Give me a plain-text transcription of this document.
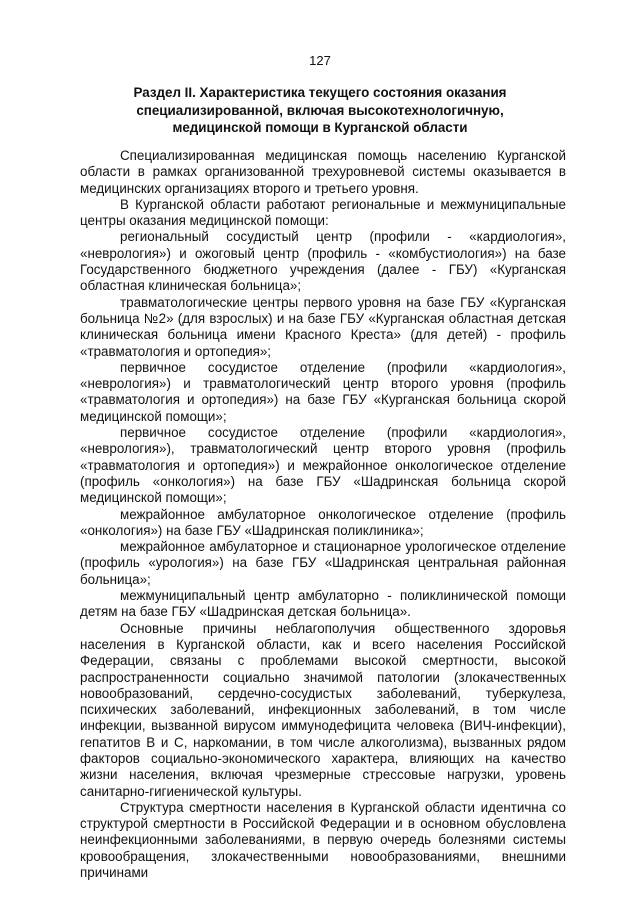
127
Раздел II. Характеристика текущего состояния оказания
специализированной, включая высокотехнологичную,
медицинской помощи в Курганской области

Специализированная медицинская помощь населению Курганской области в рамках организованной трехуровневой системы оказывается в медицинских организациях второго и третьего уровня.

В Курганской области работают региональные и межмуниципальные центры оказания медицинской помощи:

региональный сосудистый центр (профили - «кардиология», «неврология») и ожоговый центр (профиль - «комбустиология») на базе Государственного бюджетного учреждения (далее - ГБУ) «Курганская областная клиническая больница»;

травматологические центры первого уровня на базе ГБУ «Курганская больница №2» (для взрослых) и на базе ГБУ «Курганская областная детская клиническая больница имени Красного Креста» (для детей) - профиль «травматология и ортопедия»;

первичное сосудистое отделение (профили «кардиология», «неврология») и травматологический центр второго уровня (профиль «травматология и ортопедия») на базе ГБУ «Курганская больница скорой медицинской помощи»;

первичное сосудистое отделение (профили «кардиология», «неврология»), травматологический центр второго уровня (профиль «травматология и ортопедия») и межрайонное онкологическое отделение (профиль «онкология») на базе ГБУ «Шадринская больница скорой медицинской помощи»;

межрайонное амбулаторное онкологическое отделение (профиль «онкология») на базе ГБУ «Шадринская поликлиника»;

межрайонное амбулаторное и стационарное урологическое отделение (профиль «урология») на базе ГБУ «Шадринская центральная районная больница»;

межмуниципальный центр амбулаторно - поликлинической помощи детям на базе ГБУ «Шадринская детская больница».

Основные причины неблагополучия общественного здоровья населения в Курганской области, как и всего населения Российской Федерации, связаны с проблемами высокой смертности, высокой распространенности социально значимой патологии (злокачественных новообразований, сердечно-сосудистых заболеваний, туберкулеза, психических заболеваний, инфекционных заболеваний, в том числе инфекции, вызванной вирусом иммунодефицита человека (ВИЧ-инфекции), гепатитов В и С, наркомании, в том числе алкоголизма), вызванных рядом факторов социально-экономического характера, влияющих на качество жизни населения, включая чрезмерные стрессовые нагрузки, уровень санитарно-гигиенической культуры.

Структура смертности населения в Курганской области идентична со структурой смертности в Российской Федерации и в основном обусловлена неинфекционными заболеваниями, в первую очередь болезнями системы кровообращения, злокачественными новообразованиями, внешними причинами
